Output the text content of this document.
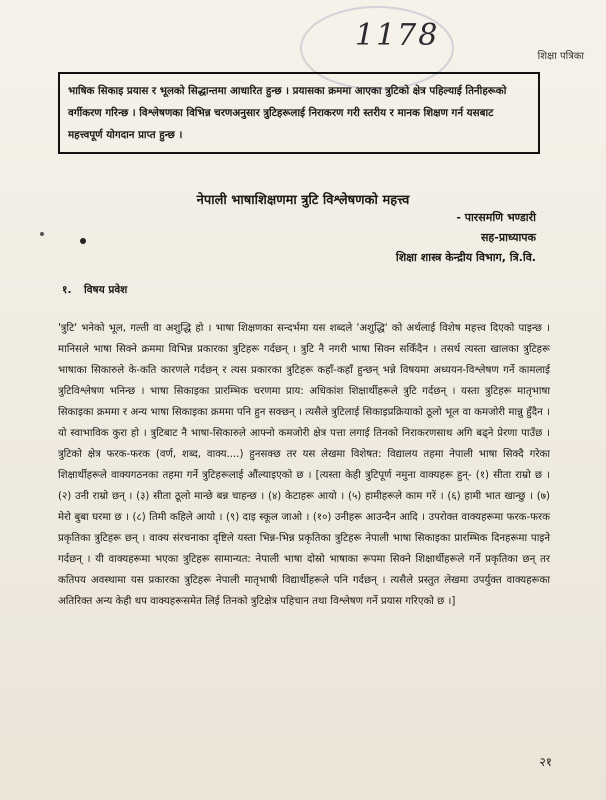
1178
शिक्षा पत्रिका
भाषिक सिकाइ प्रयास र भूलको सिद्धान्तमा आधारित हुन्छ । प्रयासका क्रममा आएका त्रुटिको क्षेत्र पहिल्याई तिनीहरूको वर्गीकरण गरिन्छ । विश्लेषणका विभिन्न चरणअनुसार त्रुटिहरूलाई निराकरण गरी स्तरीय र मानक शिक्षण गर्न यसबाट महत्त्वपूर्ण योगदान प्राप्त हुन्छ ।
नेपाली भाषाशिक्षणमा त्रुटि विश्लेषणको महत्त्व
- पारसमणि भण्डारी
सह-प्राध्यापक
शिक्षा शास्त्र केन्द्रीय विभाग, त्रि.वि.
१. विषय प्रवेश

'त्रुटि' भनेको भूल, गल्ती वा अशुद्धि हो । भाषा शिक्षणका सन्दर्भमा यस शब्दले 'अशुद्धि' को अर्थलाई विशेष महत्त्व दिएको पाइन्छ । मानिसले भाषा सिक्ने क्रममा विभिन्न प्रकारका त्रुटिहरू गर्दछन् । त्रुटि नै नगरी भाषा सिक्न सकिँदैन । तसर्थ त्यस्ता खालका त्रुटिहरू भाषाका सिकारुले के-कति कारणले गर्दछन् र त्यस प्रकारका त्रुटिहरू कहाँ-कहाँ हुन्छन् भन्ने विषयमा अध्ययन-विश्लेषण गर्ने कामलाई त्रुटिविश्लेषण भनिन्छ । भाषा सिकाइका प्रारम्भिक चरणमा प्राय: अधिकांश शिक्षार्थीहरूले त्रुटि गर्दछन् । यस्ता त्रुटिहरू मातृभाषा सिकाइका क्रममा र अन्य भाषा सिकाइका क्रममा पनि हुन सक्छन् । त्यसैले त्रुटिलाई सिकाइप्रक्रियाको ठूलो भूल वा कमजोरी मान्नु हुँदैन । यो स्वाभाविक कुरा हो । त्रुटिबाट नै भाषा-सिकारुले आफ्नो कमजोरी क्षेत्र पत्ता लगाई तिनको निराकरणसाथ अगि बढ्ने प्रेरणा पाउँछ । त्रुटिको क्षेत्र फरक-फरक (वर्ण, शब्द, वाक्य....) हुनसक्छ तर यस लेखमा विशेषत: विद्यालय तहमा नेपाली भाषा सिक्दै गरेका शिक्षार्थीहरूले वाक्यगठनका तहमा गर्ने त्रुटिहरूलाई औंल्याइएको छ । [त्यस्ता केही त्रुटिपूर्ण नमुना वाक्यहरू हुन्- (१) सीता राम्रो छ । (२) उनी राम्रो छन् । (३) सीता ठूलो मान्छे बन्न चाहन्छ । (४) केटाहरू आयो । (५) हामीहरूले काम गरें । (६) हामी भात खान्छु । (७) मेरो बुबा घरमा छ । (८) तिमी कहिले आयो । (९) दाइ स्कूल जाओ । (१०) उनीहरू आउन्दैन आदि । उपरोक्त वाक्यहरूमा फरक-फरक प्रकृतिका त्रुटिहरू छन् । वाक्य संरचनाका दृष्टिले यस्ता भिन्न-भिन्न प्रकृतिका त्रुटिहरू नेपाली भाषा सिकाइका प्रारम्भिक दिनहरूमा पाइने गर्दछन् । यी वाक्यहरूमा भएका त्रुटिहरू सामान्यत: नेपाली भाषा दोस्रो भाषाका रूपमा सिक्ने शिक्षार्थीहरूले गर्ने प्रकृतिका छन् तर कतिपय अवस्थामा यस प्रकारका त्रुटिहरू नेपाली मातृभाषी विद्यार्थीहरूले पनि गर्दछन् । त्यसैले प्रस्तुत लेखमा उपर्युक्त वाक्यहरूका अतिरिक्त अन्य केही थप वाक्यहरूसमेत लिई तिनको त्रुटिक्षेत्र पहिचान तथा विश्लेषण गर्ने प्रयास गरिएको छ ।]

२१
